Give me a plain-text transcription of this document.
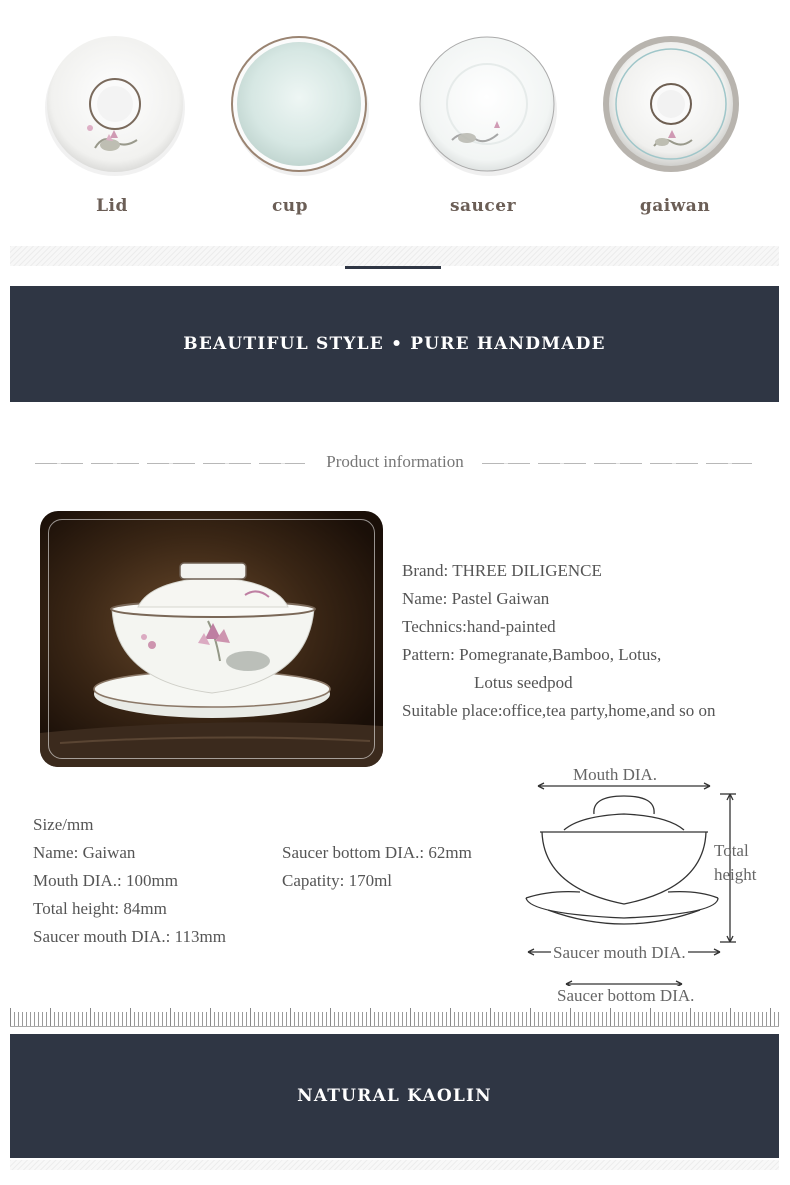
Lid	cup	saucer	gaiwan
BEAUTIFUL STYLE • PURE HANDMADE
Product information
Brand: THREE DILIGENCE
Name: Pastel Gaiwan
Technics:hand-painted
Pattern: Pomegranate,Bamboo, Lotus,
Lotus seedpod
Suitable place:office,tea party,home,and so on
Size/mm
Name: Gaiwan
Mouth DIA.: 100mm
Total height: 84mm
Saucer mouth DIA.: 113mm
Saucer bottom DIA.: 62mm
Capatity: 170ml
Mouth DIA.
Total
height
Saucer mouth DIA.
Saucer bottom DIA.
NATURAL KAOLIN
